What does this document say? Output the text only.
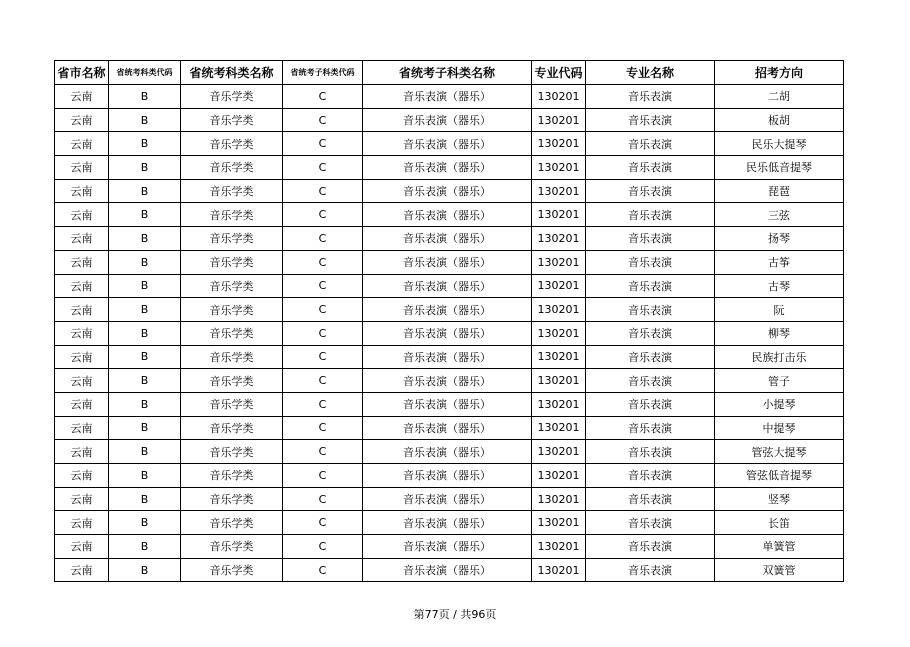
省市名称	省统考科类代码	省统考科类名称	省统考子科类代码	省统考子科类名称	专业代码	专业名称	招考方向
云南	B	音乐学类	C	音乐表演（器乐）	130201	音乐表演	二胡
云南	B	音乐学类	C	音乐表演（器乐）	130201	音乐表演	板胡
云南	B	音乐学类	C	音乐表演（器乐）	130201	音乐表演	民乐大提琴
云南	B	音乐学类	C	音乐表演（器乐）	130201	音乐表演	民乐低音提琴
云南	B	音乐学类	C	音乐表演（器乐）	130201	音乐表演	琵琶
云南	B	音乐学类	C	音乐表演（器乐）	130201	音乐表演	三弦
云南	B	音乐学类	C	音乐表演（器乐）	130201	音乐表演	扬琴
云南	B	音乐学类	C	音乐表演（器乐）	130201	音乐表演	古筝
云南	B	音乐学类	C	音乐表演（器乐）	130201	音乐表演	古琴
云南	B	音乐学类	C	音乐表演（器乐）	130201	音乐表演	阮
云南	B	音乐学类	C	音乐表演（器乐）	130201	音乐表演	柳琴
云南	B	音乐学类	C	音乐表演（器乐）	130201	音乐表演	民族打击乐
云南	B	音乐学类	C	音乐表演（器乐）	130201	音乐表演	管子
云南	B	音乐学类	C	音乐表演（器乐）	130201	音乐表演	小提琴
云南	B	音乐学类	C	音乐表演（器乐）	130201	音乐表演	中提琴
云南	B	音乐学类	C	音乐表演（器乐）	130201	音乐表演	管弦大提琴
云南	B	音乐学类	C	音乐表演（器乐）	130201	音乐表演	管弦低音提琴
云南	B	音乐学类	C	音乐表演（器乐）	130201	音乐表演	竖琴
云南	B	音乐学类	C	音乐表演（器乐）	130201	音乐表演	长笛
云南	B	音乐学类	C	音乐表演（器乐）	130201	音乐表演	单簧管
云南	B	音乐学类	C	音乐表演（器乐）	130201	音乐表演	双簧管
第77页 / 共96页
